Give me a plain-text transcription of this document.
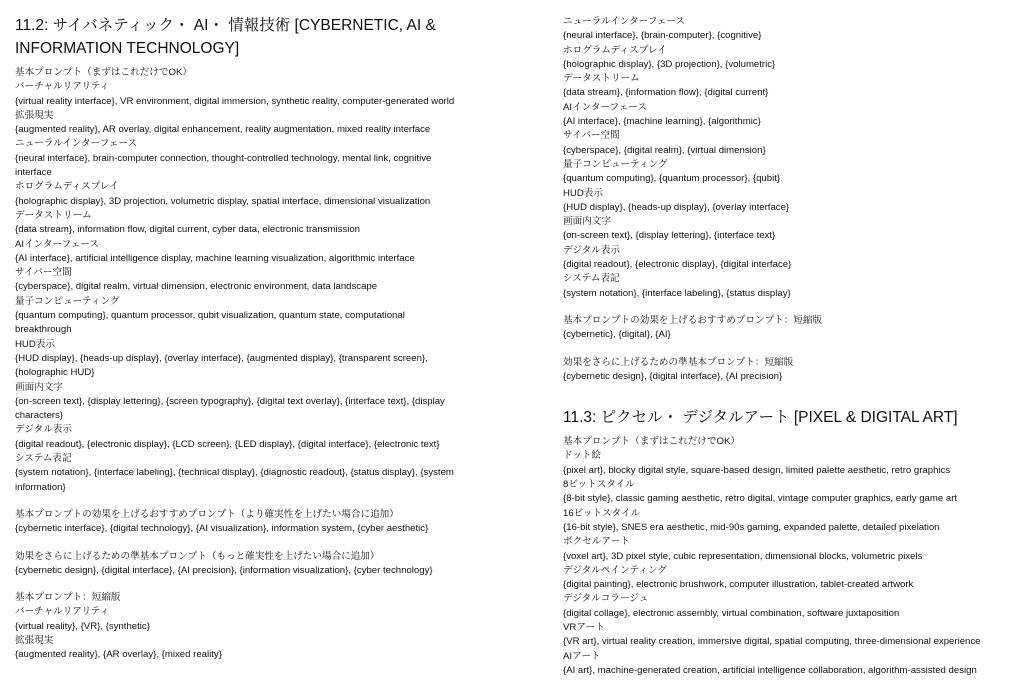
11.2: サイバネティック・ AI・ 情報技術 [CYBERNETIC, AI & INFORMATION TECHNOLOGY]
基本プロンプト（まずはこれだけでOK）
バーチャルリアリティ
{virtual reality interface}, VR environment, digital immersion, synthetic reality, computer-generated world
拡張現実
{augmented reality}, AR overlay, digital enhancement, reality augmentation, mixed reality interface
ニューラルインターフェース
{neural interface}, brain-computer connection, thought-controlled technology, mental link, cognitive interface
ホログラムディスプレイ
{holographic display}, 3D projection, volumetric display, spatial interface, dimensional visualization
データストリーム
{data stream}, information flow, digital current, cyber data, electronic transmission
AIインターフェース
{AI interface}, artificial intelligence display, machine learning visualization, algorithmic interface
サイバー空間
{cyberspace}, digital realm, virtual dimension, electronic environment, data landscape
量子コンピューティング
{quantum computing}, quantum processor, qubit visualization, quantum state, computational breakthrough
HUD表示
{HUD display}, {heads-up display}, {overlay interface}, {augmented display}, {transparent screen}, {holographic HUD}
画面内文字
{on-screen text}, {display lettering}, {screen typography}, {digital text overlay}, {interface text}, {display characters}
デジタル表示
{digital readout}, {electronic display}, {LCD screen}, {LED display}, {digital interface}, {electronic text}
システム表記
{system notation}, {interface labeling}, {technical display}, {diagnostic readout}, {status display}, {system information}
基本プロンプトの効果を上げるおすすめプロンプト（より確実性を上げたい場合に追加）
{cybernetic interface}, {digital technology}, {AI visualization}, information system, {cyber aesthetic}
効果をさらに上げるための準基本プロンプト（もっと確実性を上げたい場合に追加）
{cybernetic design}, {digital interface}, {AI precision}, {information visualization}, {cyber technology}
基本プロンプト：短縮版
バーチャルリアリティ
{virtual reality}, {VR}, {synthetic}
拡張現実
{augmented reality}, {AR overlay}, {mixed reality}
ニューラルインターフェース
{neural interface}, {brain-computer}, {cognitive}
ホログラムディスプレイ
{holographic display}, {3D projection}, {volumetric}
データストリーム
{data stream}, {information flow}, {digital current}
AIインターフェース
{AI interface}, {machine learning}, {algorithmic}
サイバー空間
{cyberspace}, {digital realm}, {virtual dimension}
量子コンピューティング
{quantum computing}, {quantum processor}, {qubit}
HUD表示
{HUD display}, {heads-up display}, {overlay interface}
画面内文字
{on-screen text}, {display lettering}, {interface text}
デジタル表示
{digital readout}, {electronic display}, {digital interface}
システム表記
{system notation}, {interface labeling}, {status display}
基本プロンプトの効果を上げるおすすめプロンプト：短縮版
{cybernetic}, {digital}, {AI}
効果をさらに上げるための準基本プロンプト：短縮版
{cybernetic design}, {digital interface}, {AI precision}
11.3: ピクセル・ デジタルアート [PIXEL & DIGITAL ART]
基本プロンプト（まずはこれだけでOK）
ドット絵
{pixel art}, blocky digital style, square-based design, limited palette aesthetic, retro graphics
8ビットスタイル
{8-bit style}, classic gaming aesthetic, retro digital, vintage computer graphics, early game art
16ビットスタイル
{16-bit style}, SNES era aesthetic, mid-90s gaming, expanded palette, detailed pixelation
ボクセルアート
{voxel art}, 3D pixel style, cubic representation, dimensional blocks, volumetric pixels
デジタルペインティング
{digital painting}, electronic brushwork, computer illustration, tablet-created artwork
デジタルコラージュ
{digital collage}, electronic assembly, virtual combination, software juxtaposition
VRアート
{VR art}, virtual reality creation, immersive digital, spatial computing, three-dimensional experience
AIアート
{AI art}, machine-generated creation, artificial intelligence collaboration, algorithm-assisted design
